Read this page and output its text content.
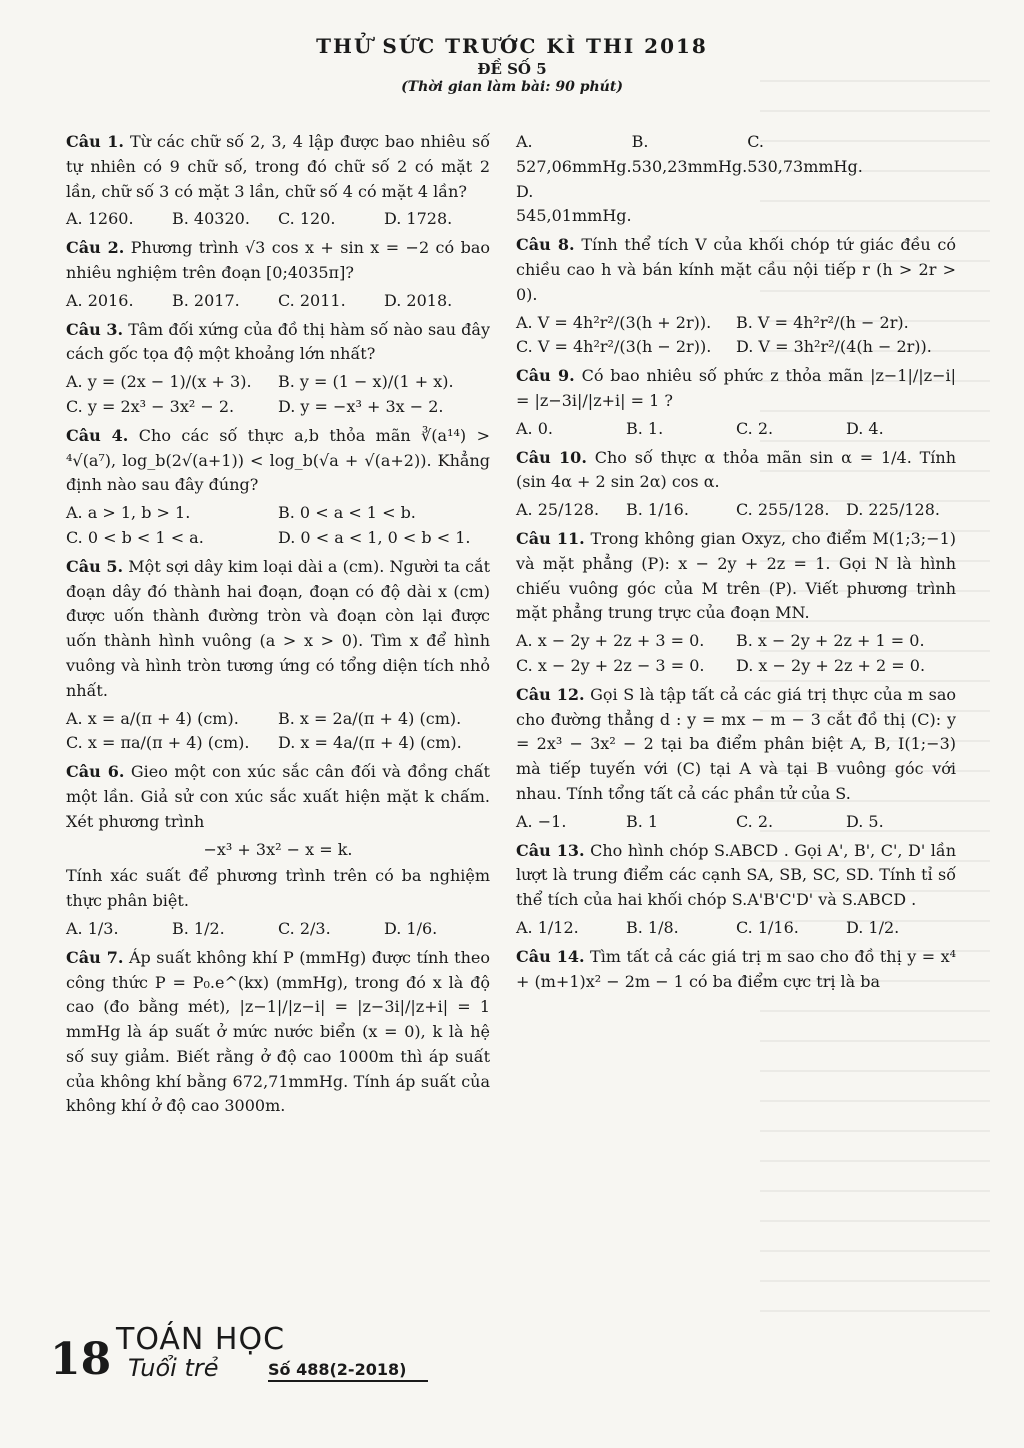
THỬ SỨC TRƯỚC KÌ THI 2018
ĐỀ SỐ 5
(Thời gian làm bài: 90 phút)

Câu 1. Từ các chữ số 2, 3, 4 lập được bao nhiêu số tự nhiên có 9 chữ số, trong đó chữ số 2 có mặt 2 lần, chữ số 3 có mặt 3 lần, chữ số 4 có mặt 4 lần?

A. 1260.	B. 40320.	C. 120.	D. 1728.

Câu 2. Phương trình √3 cos x + sin x = −2 có bao nhiêu nghiệm trên đoạn [0;4035π]?

A. 2016.	B. 2017.	C. 2011.	D. 2018.

Câu 3. Tâm đối xứng của đồ thị hàm số nào sau đây cách gốc tọa độ một khoảng lớn nhất?

A. y = (2x − 1)/(x + 3).	B. y = (1 − x)/(1 + x).
C. y = 2x³ − 3x² − 2.	D. y = −x³ + 3x − 2.

Câu 4. Cho các số thực a,b thỏa mãn ∛(a¹⁴) > ⁴√(a⁷), log_b(2√(a+1)) < log_b(√a + √(a+2)). Khẳng định nào sau đây đúng?

A. a > 1, b > 1.	B. 0 < a < 1 < b.
C. 0 < b < 1 < a.	D. 0 < a < 1, 0 < b < 1.

Câu 5. Một sợi dây kim loại dài a (cm). Người ta cắt đoạn dây đó thành hai đoạn, đoạn có độ dài x (cm) được uốn thành đường tròn và đoạn còn lại được uốn thành hình vuông (a > x > 0). Tìm x để hình vuông và hình tròn tương ứng có tổng diện tích nhỏ nhất.

A. x = a/(π + 4) (cm).	B. x = 2a/(π + 4) (cm).
C. x = πa/(π + 4) (cm).	D. x = 4a/(π + 4) (cm).

Câu 6. Gieo một con xúc sắc cân đối và đồng chất một lần. Giả sử con xúc sắc xuất hiện mặt k chấm. Xét phương trình

−x³ + 3x² − x = k.

Tính xác suất để phương trình trên có ba nghiệm thực phân biệt.

A. 1/3.	B. 1/2.	C. 2/3.	D. 1/6.

Câu 7. Áp suất không khí P (mmHg) được tính theo công thức P = P₀.e^(kx) (mmHg), trong đó x là độ cao (đo bằng mét), |z−1|/|z−i| = |z−3i|/|z+i| = 1 mmHg là áp suất ở mức nước biển (x = 0), k là hệ số suy giảm. Biết rằng ở độ cao 1000m thì áp suất của không khí bằng 672,71mmHg. Tính áp suất của không khí ở độ cao 3000m.

A. 527,06mmHg.
B. 530,23mmHg.
C. 530,73mmHg.
D. 545,01mmHg.

Câu 8. Tính thể tích V của khối chóp tứ giác đều có chiều cao h và bán kính mặt cầu nội tiếp r (h > 2r > 0).

A. V = 4h²r²/(3(h + 2r)).	B. V = 4h²r²/(h − 2r).
C. V = 4h²r²/(3(h − 2r)).	D. V = 3h²r²/(4(h − 2r)).

Câu 9. Có bao nhiêu số phức z thỏa mãn |z−1|/|z−i| = |z−3i|/|z+i| = 1 ?

A. 0.	B. 1.	C. 2.	D. 4.

Câu 10. Cho số thực α thỏa mãn sin α = 1/4. Tính (sin 4α + 2 sin 2α) cos α.

A. 25/128.	B. 1/16.	C. 255/128.	D. 225/128.

Câu 11. Trong không gian Oxyz, cho điểm M(1;3;−1) và mặt phẳng (P): x − 2y + 2z = 1. Gọi N là hình chiếu vuông góc của M trên (P). Viết phương trình mặt phẳng trung trực của đoạn MN.

A. x − 2y + 2z + 3 = 0.	B. x − 2y + 2z + 1 = 0.
C. x − 2y + 2z − 3 = 0.	D. x − 2y + 2z + 2 = 0.

Câu 12. Gọi S là tập tất cả các giá trị thực của m sao cho đường thẳng d : y = mx − m − 3 cắt đồ thị (C): y = 2x³ − 3x² − 2 tại ba điểm phân biệt A, B, I(1;−3) mà tiếp tuyến với (C) tại A và tại B vuông góc với nhau. Tính tổng tất cả các phần tử của S.

A. −1.	B. 1	C. 2.	D. 5.

Câu 13. Cho hình chóp S.ABCD . Gọi A', B', C', D' lần lượt là trung điểm các cạnh SA, SB, SC, SD. Tính tỉ số thể tích của hai khối chóp S.A'B'C'D' và S.ABCD .

A. 1/12.	B. 1/8.	C. 1/16.	D. 1/2.

Câu 14. Tìm tất cả các giá trị m sao cho đồ thị y = x⁴ + (m+1)x² − 2m − 1 có ba điểm cực trị là ba

18 TOÁN HỌC
Tuổi trẻ	Số 488(2-2018)
